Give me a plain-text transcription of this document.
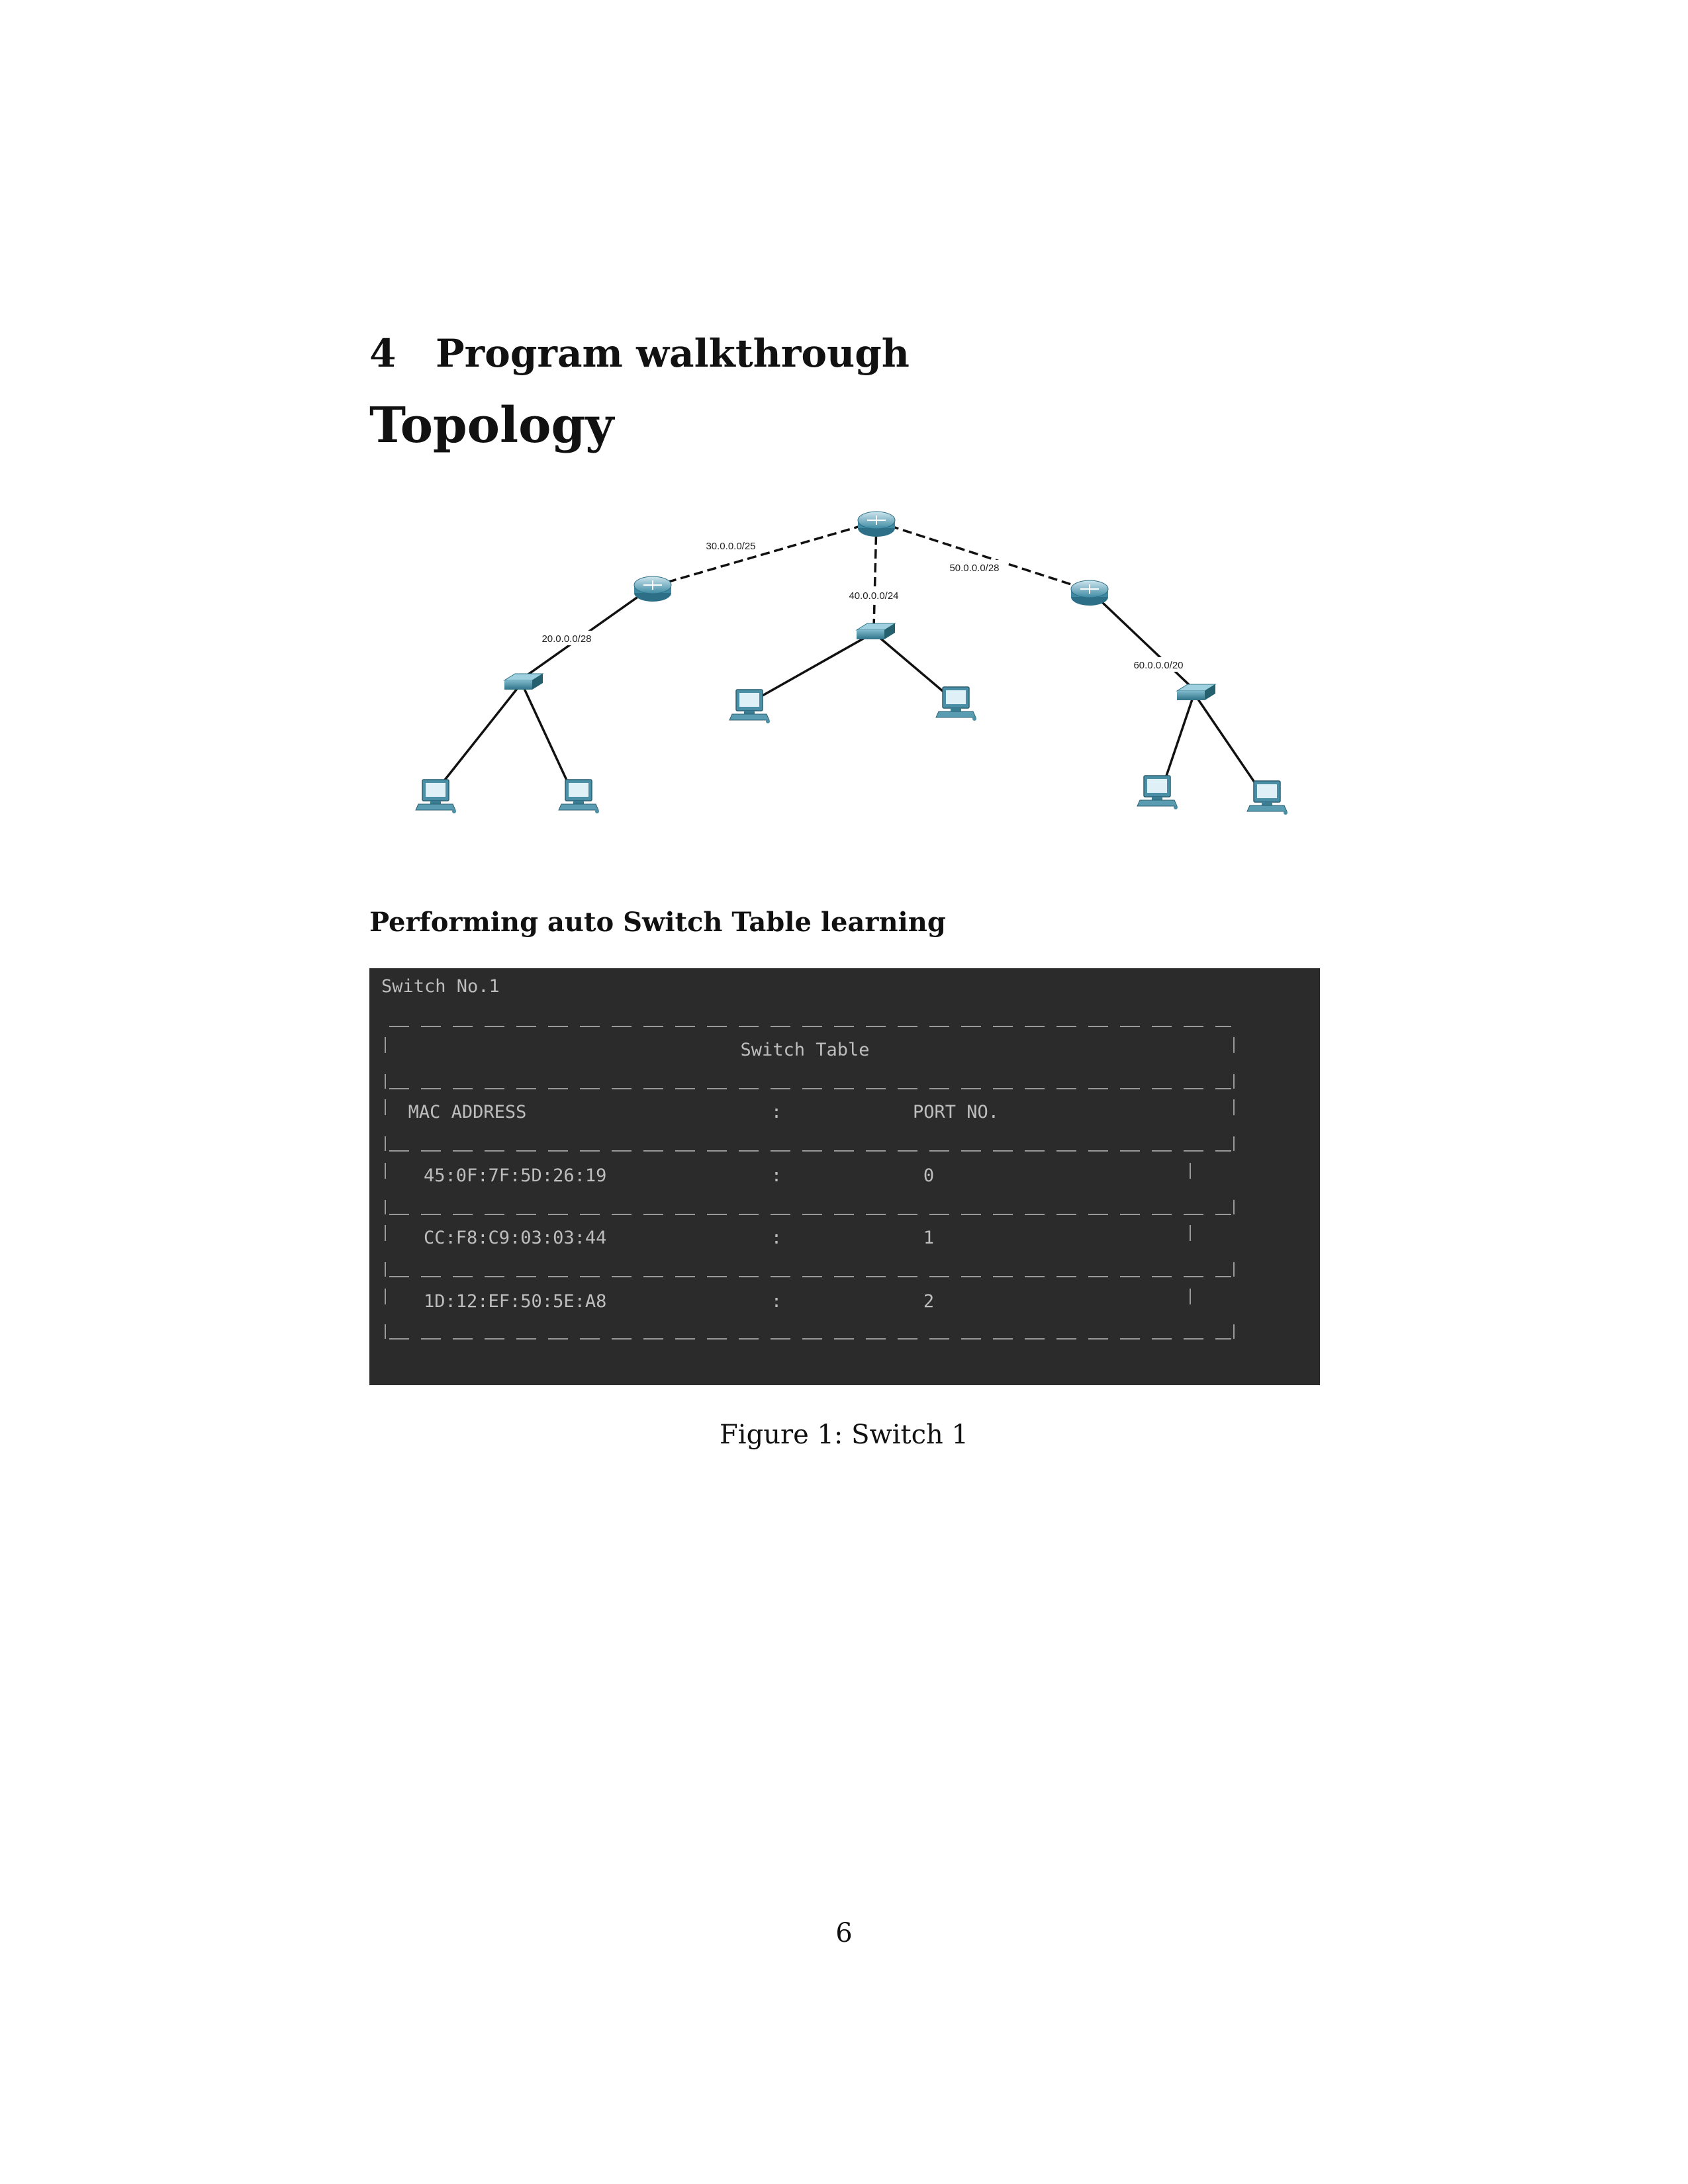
4 Program walkthrough
Topology
30.0.0.0/25
40.0.0.0/24
50.0.0.0/28
20.0.0.0/28
60.0.0.0/20
Performing auto Switch Table learning
Switch No.1
Switch Table
MAC ADDRESS	:	PORT NO.
45:0F:7F:5D:26:19	:	0
CC:F8:C9:03:03:44	:	1
1D:12:EF:50:5E:A8	:	2
Figure 1: Switch 1
6
